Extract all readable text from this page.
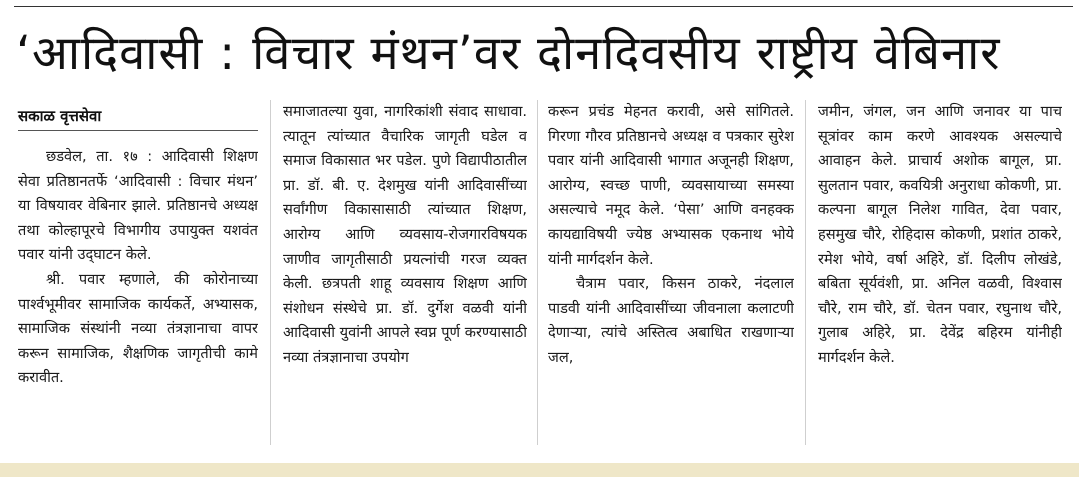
‘आदिवासी : विचार मंथन’वर दोनदिवसीय राष्ट्रीय वेबिनार
सकाळ वृत्तसेवा

छडवेल, ता. १७ : आदिवासी शिक्षण सेवा प्रतिष्ठानतर्फे ‘आदिवासी : विचार मंथन’ या विषयावर वेबिनार झाले. प्रतिष्ठानचे अध्यक्ष तथा कोल्हापूरचे विभागीय उपायुक्त यशवंत पवार यांनी उद्‍घाटन केले.

श्री. पवार म्हणाले, की कोरोनाच्या पार्श्वभूमीवर सामाजिक कार्यकर्ते, अभ्यासक, सामाजिक संस्थांनी नव्या तंत्रज्ञानाचा वापर करून सामाजिक, शैक्षणिक जागृतीची कामे करावीत.

समाजातल्या युवा, नागरिकांशी संवाद साधावा. त्यातून त्यांच्यात वैचारिक जागृती घडेल व समाज विकासात भर पडेल. पुणे विद्यापीठातील प्रा. डॉ. बी. ए. देशमुख यांनी आदिवासींच्या सर्वांगीण विकासासाठी त्यांच्यात शिक्षण, आरोग्य आणि व्यवसाय-रोजगारविषयक जाणीव जागृतीसाठी प्रयत्नांची गरज व्यक्त केली. छत्रपती शाहू व्यवसाय शिक्षण आणि संशोधन संस्थेचे प्रा. डॉ. दुर्गेश वळवी यांनी आदिवासी युवांनी आपले स्वप्न पूर्ण करण्यासाठी नव्या तंत्रज्ञानाचा उपयोग

करून प्रचंड मेहनत करावी, असे सांगितले. गिरणा गौरव प्रतिष्ठानचे अध्यक्ष व पत्रकार सुरेश पवार यांनी आदिवासी भागात अजूनही शिक्षण, आरोग्य, स्वच्छ पाणी, व्यवसायाच्या समस्या असल्याचे नमूद केले. ‘पेसा’ आणि वनहक्क कायद्याविषयी ज्येष्ठ अभ्यासक एकनाथ भोये यांनी मार्गदर्शन केले.

चैत्राम पवार, किसन ठाकरे, नंदलाल पाडवी यांनी आदिवासींच्या जीवनाला कलाटणी देणाऱ्या, त्यांचे अस्तित्व अबाधित राखणाऱ्या जल,

जमीन, जंगल, जन आणि जनावर या पाच सूत्रांवर काम करणे आवश्यक असल्याचे आवाहन केले. प्राचार्य अशोक बागूल, प्रा. सुलतान पवार, कवयित्री अनुराधा कोकणी, प्रा. कल्पना बागूल निलेश गावित, देवा पवार, हसमुख चौरे, रोहिदास कोकणी, प्रशांत ठाकरे, रमेश भोये, वर्षा अहिरे, डॉ. दिलीप लोखंडे, बबिता सूर्यवंशी, प्रा. अनिल वळवी, विश्वास चौरे, राम चौरे, डॉ. चेतन पवार, रघुनाथ चौरे, गुलाब अहिरे, प्रा. देवेंद्र बहिरम यांनीही मार्गदर्शन केले.
